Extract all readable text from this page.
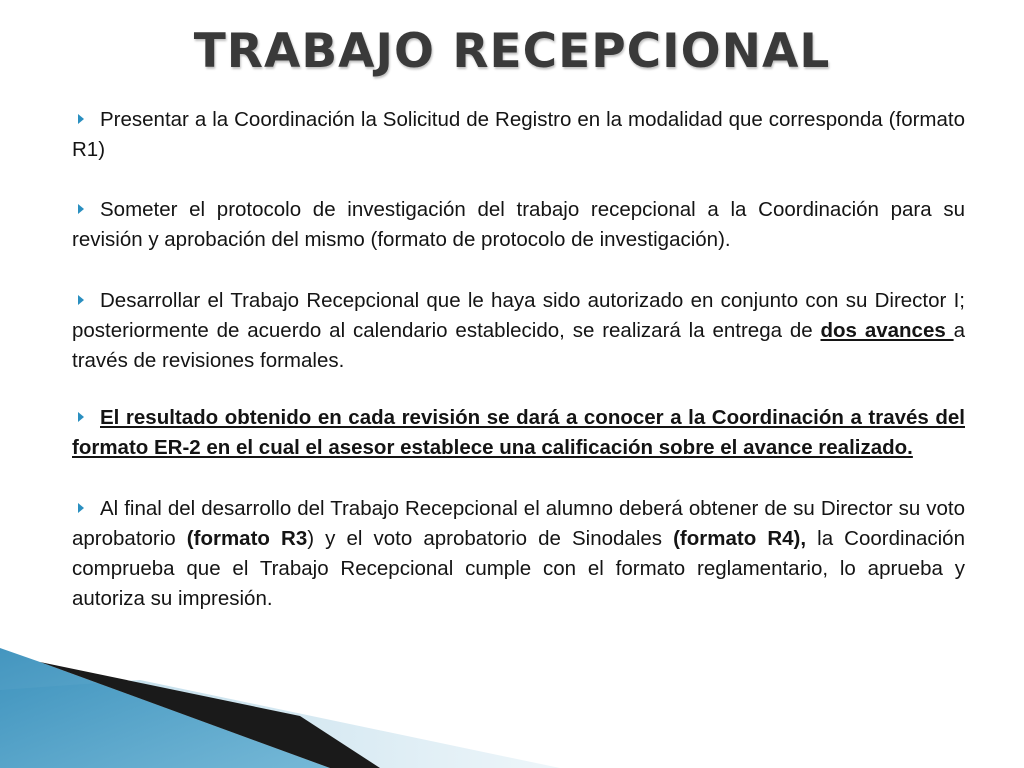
TRABAJO RECEPCIONAL

Presentar a la Coordinación la Solicitud de Registro en la modalidad que corresponda (formato R1)

Someter el protocolo de investigación del trabajo recepcional a la Coordinación para su revisión y aprobación del mismo (formato de protocolo de investigación).

Desarrollar el Trabajo Recepcional que le haya sido autorizado en conjunto con su Director I; posteriormente de acuerdo al calendario establecido, se realizará la entrega de dos avances a través de revisiones formales.

El resultado obtenido en cada revisión se dará a conocer a la Coordinación a través del formato ER-2 en el cual el asesor establece una calificación sobre el avance realizado.

Al final del desarrollo del Trabajo Recepcional el alumno deberá obtener de su Director su voto aprobatorio (formato R3) y el voto aprobatorio de Sinodales (formato R4), la Coordinación comprueba que el Trabajo Recepcional cumple con el formato reglamentario, lo aprueba y autoriza su impresión.
